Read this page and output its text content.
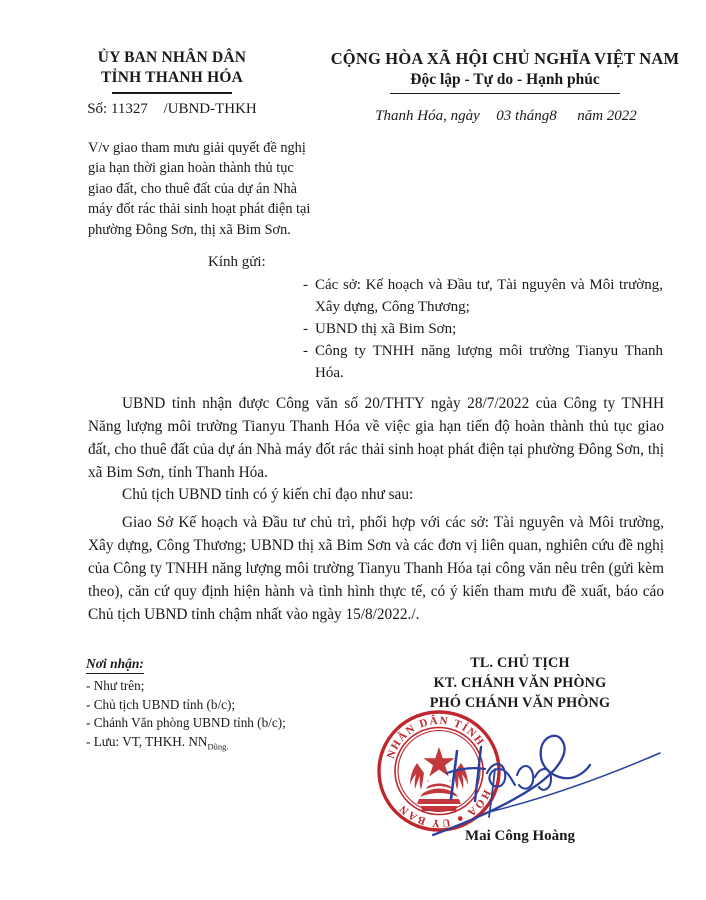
ỦY BAN NHÂN DÂN
TỈNH THANH HÓA
CỘNG HÒA XÃ HỘI CHỦ NGHĨA VIỆT NAM
Độc lập - Tự do - Hạnh phúc
Số: 11327 /UBND-THKH	Thanh Hóa, ngày 03 tháng8 năm 2022
V/v giao tham mưu giải quyết đề nghị gia hạn thời gian hoàn thành thủ tục giao đất, cho thuê đất của dự án Nhà máy đốt rác thải sinh hoạt phát điện tại phường Đông Sơn, thị xã Bim Sơn.
Kính gửi:
- Các sở: Kế hoạch và Đầu tư, Tài nguyên và Môi trường, Xây dựng, Công Thương;
- UBND thị xã Bim Sơn;
- Công ty TNHH năng lượng môi trường Tianyu Thanh Hóa.

UBND tỉnh nhận được Công văn số 20/THTY ngày 28/7/2022 của Công ty TNHH Năng lượng môi trường Tianyu Thanh Hóa về việc gia hạn tiến độ hoàn thành thủ tục giao đất, cho thuê đất của dự án Nhà máy đốt rác thải sinh hoạt phát điện tại phường Đông Sơn, thị xã Bim Sơn, tỉnh Thanh Hóa.

Chủ tịch UBND tỉnh có ý kiến chỉ đạo như sau:

Giao Sở Kế hoạch và Đầu tư chủ trì, phối hợp với các sở: Tài nguyên và Môi trường, Xây dựng, Công Thương; UBND thị xã Bim Sơn và các đơn vị liên quan, nghiên cứu đề nghị của Công ty TNHH năng lượng môi trường Tianyu Thanh Hóa tại công văn nêu trên (gửi kèm theo), căn cứ quy định hiện hành và tình hình thực tế, có ý kiến tham mưu đề xuất, báo cáo Chủ tịch UBND tỉnh chậm nhất vào ngày 15/8/2022./.

Nơi nhận:
- Như trên;
- Chủ tịch UBND tỉnh (b/c);
- Chánh Văn phòng UBND tỉnh (b/c);
- Lưu: VT, THKH. $NN_{Dũng.}$
TL. CHỦ TỊCH
KT. CHÁNH VĂN PHÒNG
PHÓ CHÁNH VĂN PHÒNG
NHÂN DÂN TỈNH
HÓA ● ỦY BAN
Mai Công Hoàng
